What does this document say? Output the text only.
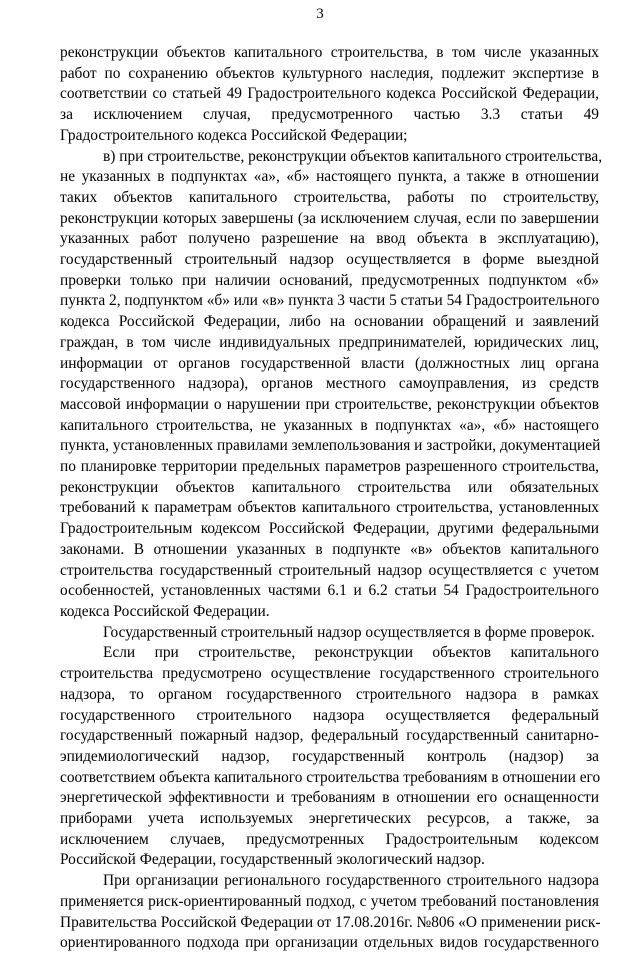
3
реконструкции объектов капитального строительства, в том числе указанных
работ по сохранению объектов культурного наследия, подлежит экспертизе в
соответствии со статьей 49 Градостроительного кодекса Российской Федерации,
за исключением случая, предусмотренного частью 3.3 статьи 49
Градостроительного кодекса Российской Федерации;
в) при строительстве, реконструкции объектов капитального строительства,
не указанных в подпунктах «а», «б» настоящего пункта, а также в отношении
таких объектов капитального строительства, работы по строительству,
реконструкции которых завершены (за исключением случая, если по завершении
указанных работ получено разрешение на ввод объекта в эксплуатацию),
государственный строительный надзор осуществляется в форме выездной
проверки только при наличии оснований, предусмотренных подпунктом «б»
пункта 2, подпунктом «б» или «в» пункта 3 части 5 статьи 54 Градостроительного
кодекса Российской Федерации, либо на основании обращений и заявлений
граждан, в том числе индивидуальных предпринимателей, юридических лиц,
информации от органов государственной власти (должностных лиц органа
государственного надзора), органов местного самоуправления, из средств
массовой информации о нарушении при строительстве, реконструкции объектов
капитального строительства, не указанных в подпунктах «а», «б» настоящего
пункта, установленных правилами землепользования и застройки, документацией
по планировке территории предельных параметров разрешенного строительства,
реконструкции объектов капитального строительства или обязательных
требований к параметрам объектов капитального строительства, установленных
Градостроительным кодексом Российской Федерации, другими федеральными
законами. В отношении указанных в подпункте «в» объектов капитального
строительства государственный строительный надзор осуществляется с учетом
особенностей, установленных частями 6.1 и 6.2 статьи 54 Градостроительного
кодекса Российской Федерации.
Государственный строительный надзор осуществляется в форме проверок.
Если при строительстве, реконструкции объектов капитального
строительства предусмотрено осуществление государственного строительного
надзора, то органом государственного строительного надзора в рамках
государственного строительного надзора осуществляется федеральный
государственный пожарный надзор, федеральный государственный санитарно-
эпидемиологический надзор, государственный контроль (надзор) за
соответствием объекта капитального строительства требованиям в отношении его
энергетической эффективности и требованиям в отношении его оснащенности
приборами учета используемых энергетических ресурсов, а также, за
исключением случаев, предусмотренных Градостроительным кодексом
Российской Федерации, государственный экологический надзор.
При организации регионального государственного строительного надзора
применяется риск-ориентированный подход, с учетом требований постановления
Правительства Российской Федерации от 17.08.2016г. №806 «О применении риск-
ориентированного подхода при организации отдельных видов государственного
